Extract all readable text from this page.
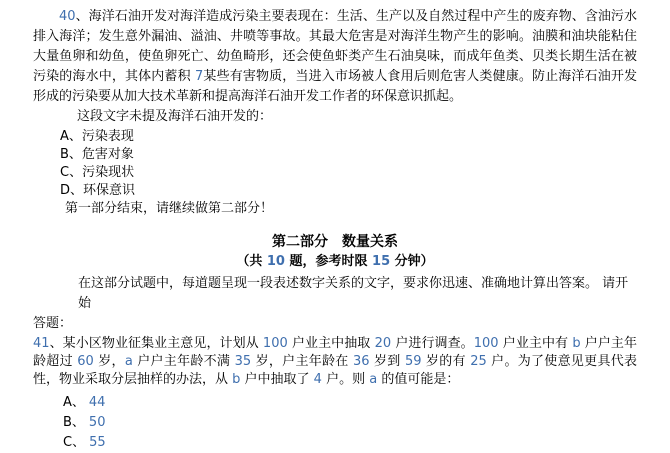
40、海洋石油开发对海洋造成污染主要表现在：生活、生产以及自然过程中产生的废弃物、含油污水排入海洋；发生意外漏油、溢油、井喷等事故。其最大危害是对海洋生物产生的影响。油膜和油块能粘住大量鱼卵和幼鱼，使鱼卵死亡、幼鱼畸形，还会使鱼虾类产生石油臭味，而成年鱼类、贝类长期生活在被污染的海水中，其体内蓄积 7某些有害物质，当进入市场被人食用后则危害人类健康。防止海洋石油开发形成的污染要从加大技术革新和提高海洋石油开发工作者的环保意识抓起。

这段文字未提及海洋石油开发的：

A、污染表现
B、危害对象
C、污染现状
D、环保意识

第一部分结束，请继续做第二部分！

第二部分　数量关系
（共 10 题，参考时限 15 分钟）

在这部分试题中，每道题呈现一段表述数字关系的文字，要求你迅速、准确地计算出答案。 请开始

答题：

41、某小区物业征集业主意见，计划从 100 户业主中抽取 20 户进行调查。100 户业主中有 b 户户主年龄超过 60 岁，a 户户主年龄不满 35 岁，户主年龄在 36 岁到 59 岁的有 25 户。为了使意见更具代表性，物业采取分层抽样的办法，从 b 户中抽取了 4 户。则 a 的值可能是：

A、 44
B、 50
C、 55
